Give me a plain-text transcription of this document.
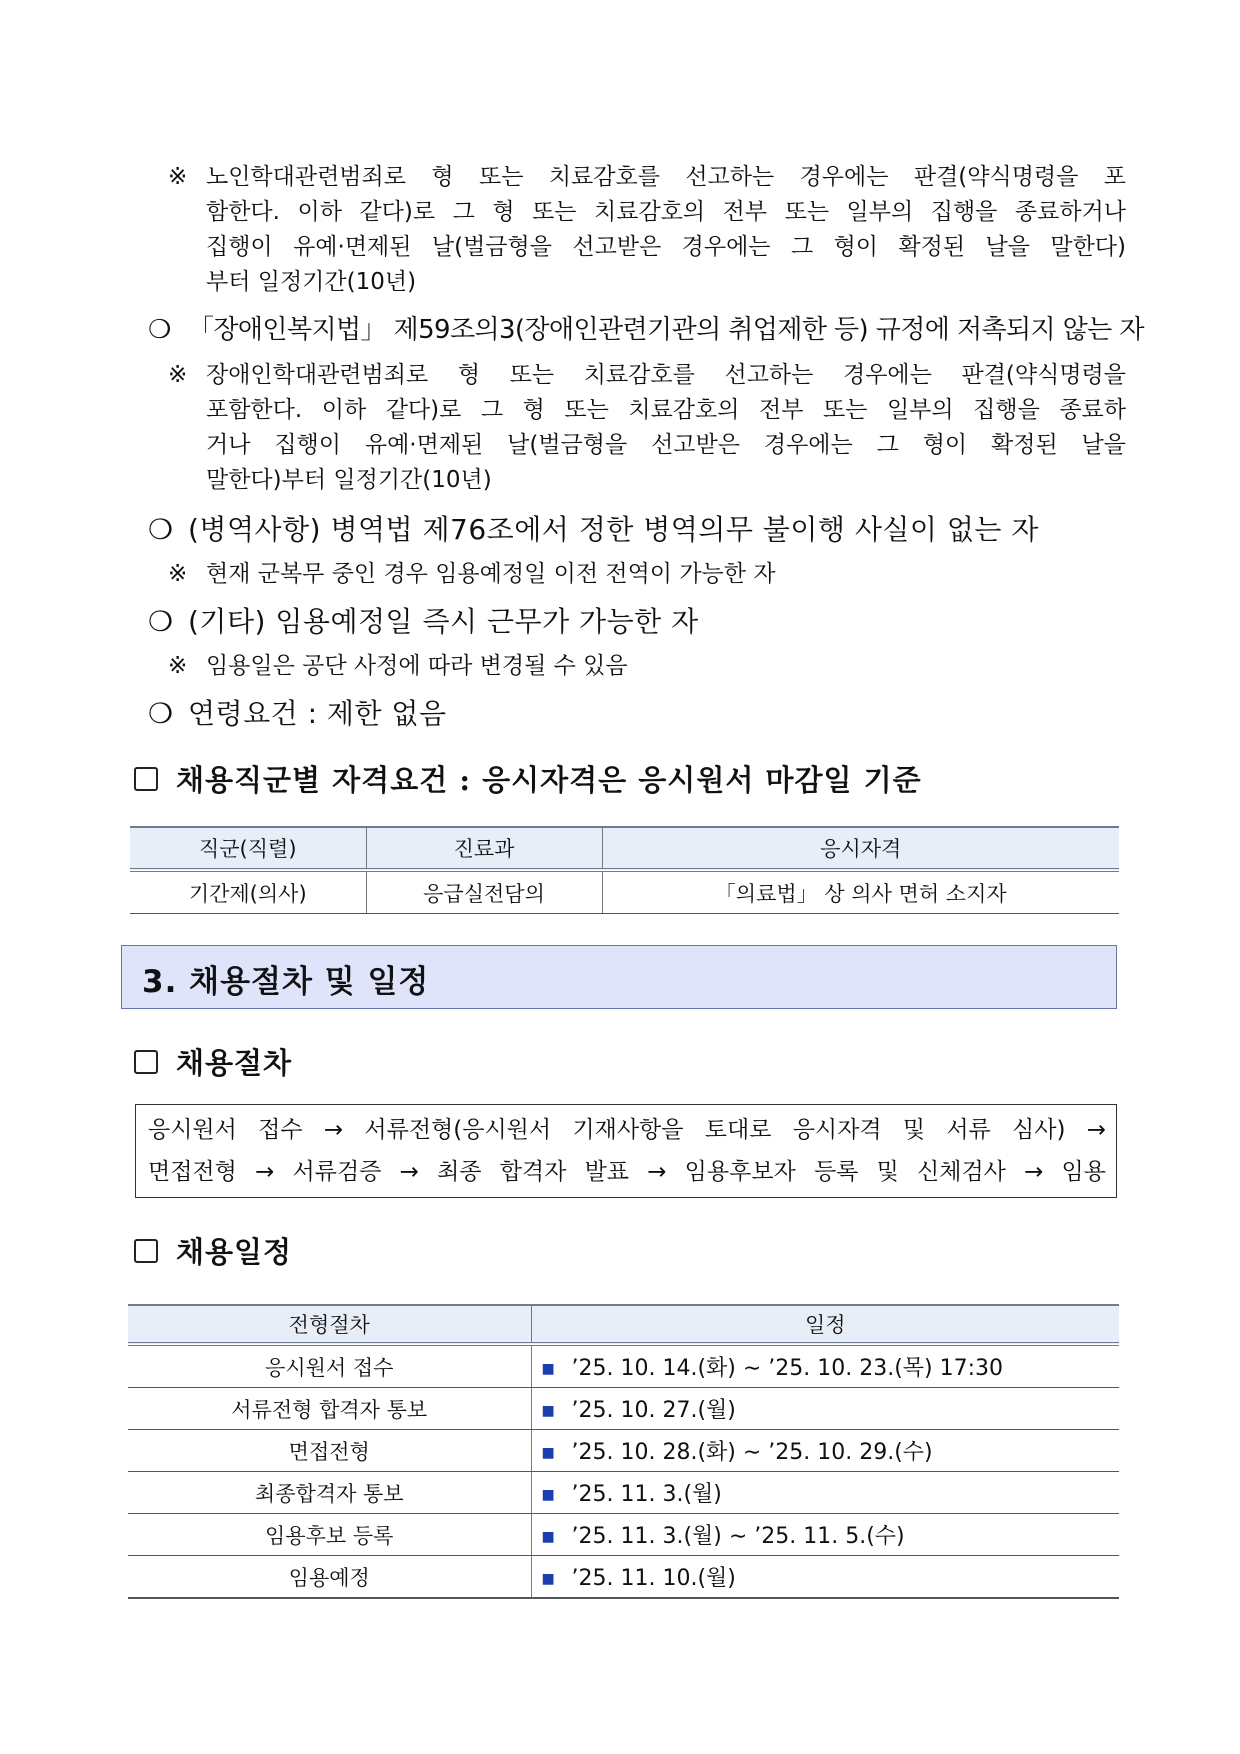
※ 노인학대관련범죄로 형 또는 치료감호를 선고하는 경우에는 판결(약식명령을 포
함한다. 이하 같다)로 그 형 또는 치료감호의 전부 또는 일부의 집행을 종료하거나
집행이 유예·면제된 날(벌금형을 선고받은 경우에는 그 형이 확정된 날을 말한다)
부터 일정기간(10년)
❍ 「장애인복지법」 제59조의3(장애인관련기관의 취업제한 등) 규정에 저촉되지 않는 자
※ 장애인학대관련범죄로 형 또는 치료감호를 선고하는 경우에는 판결(약식명령을
포함한다. 이하 같다)로 그 형 또는 치료감호의 전부 또는 일부의 집행을 종료하
거나 집행이 유예·면제된 날(벌금형을 선고받은 경우에는 그 형이 확정된 날을
말한다)부터 일정기간(10년)
❍ (병역사항) 병역법 제76조에서 정한 병역의무 불이행 사실이 없는 자
※ 현재 군복무 중인 경우 임용예정일 이전 전역이 가능한 자
❍ (기타) 임용예정일 즉시 근무가 가능한 자
※ 임용일은 공단 사정에 따라 변경될 수 있음
❍ 연령요건 : 제한 없음
채용직군별 자격요건 : 응시자격은 응시원서 마감일 기준
직군(직렬)	진료과	응시자격
기간제(의사)	응급실전담의	「의료법」 상 의사 면허 소지자
3. 채용절차 및 일정
채용절차
응시원서 접수 → 서류전형(응시원서 기재사항을 토대로 응시자격 및 서류 심사) →
면접전형 → 서류검증 → 최종 합격자 발표 → 임용후보자 등록 및 신체검사 → 임용
채용일정
전형절차	일정
응시원서 접수	■ ’25. 10. 14.(화) ∼ ’25. 10. 23.(목) 17:30
서류전형 합격자 통보	■ ’25. 10. 27.(월)
면접전형	■ ’25. 10. 28.(화) ∼ ’25. 10. 29.(수)
최종합격자 통보	■ ’25. 11. 3.(월)
임용후보 등록	■ ’25. 11. 3.(월) ∼ ’25. 11. 5.(수)
임용예정	■ ’25. 11. 10.(월)
